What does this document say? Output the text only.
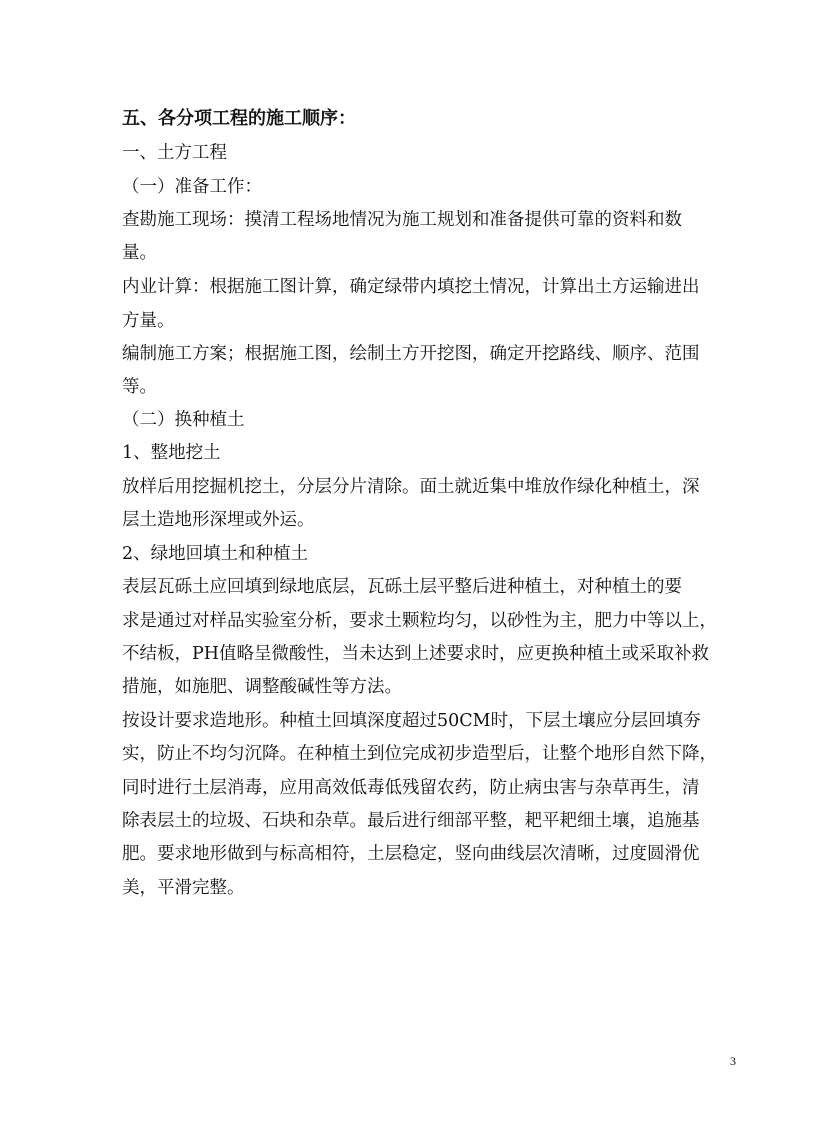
五、各分项工程的施工顺序：
一、土方工程
（一）准备工作：
查勘施工现场：摸清工程场地情况为施工规划和准备提供可靠的资料和数
量。
内业计算：根据施工图计算，确定绿带内填挖土情况，计算出土方运输进出
方量。
编制施工方案；根据施工图，绘制土方开挖图，确定开挖路线、顺序、范围
等。
（二）换种植土
1、整地挖土
放样后用挖掘机挖土，分层分片清除。面土就近集中堆放作绿化种植土，深
层土造地形深埋或外运。
2、绿地回填土和种植土
表层瓦砾土应回填到绿地底层，瓦砾土层平整后进种植土，对种植土的要
求是通过对样品实验室分析，要求土颗粒均匀，以砂性为主，肥力中等以上，
不结板，PH值略呈微酸性，当未达到上述要求时，应更换种植土或采取补救
措施，如施肥、调整酸碱性等方法。
按设计要求造地形。种植土回填深度超过50CM时，下层土壤应分层回填夯
实，防止不均匀沉降。在种植土到位完成初步造型后，让整个地形自然下降，
同时进行土层消毒，应用高效低毒低残留农药，防止病虫害与杂草再生，清
除表层土的垃圾、石块和杂草。最后进行细部平整，耙平耙细土壤，追施基
肥。要求地形做到与标高相符，土层稳定，竖向曲线层次清晰，过度圆滑优
美，平滑完整。
3
